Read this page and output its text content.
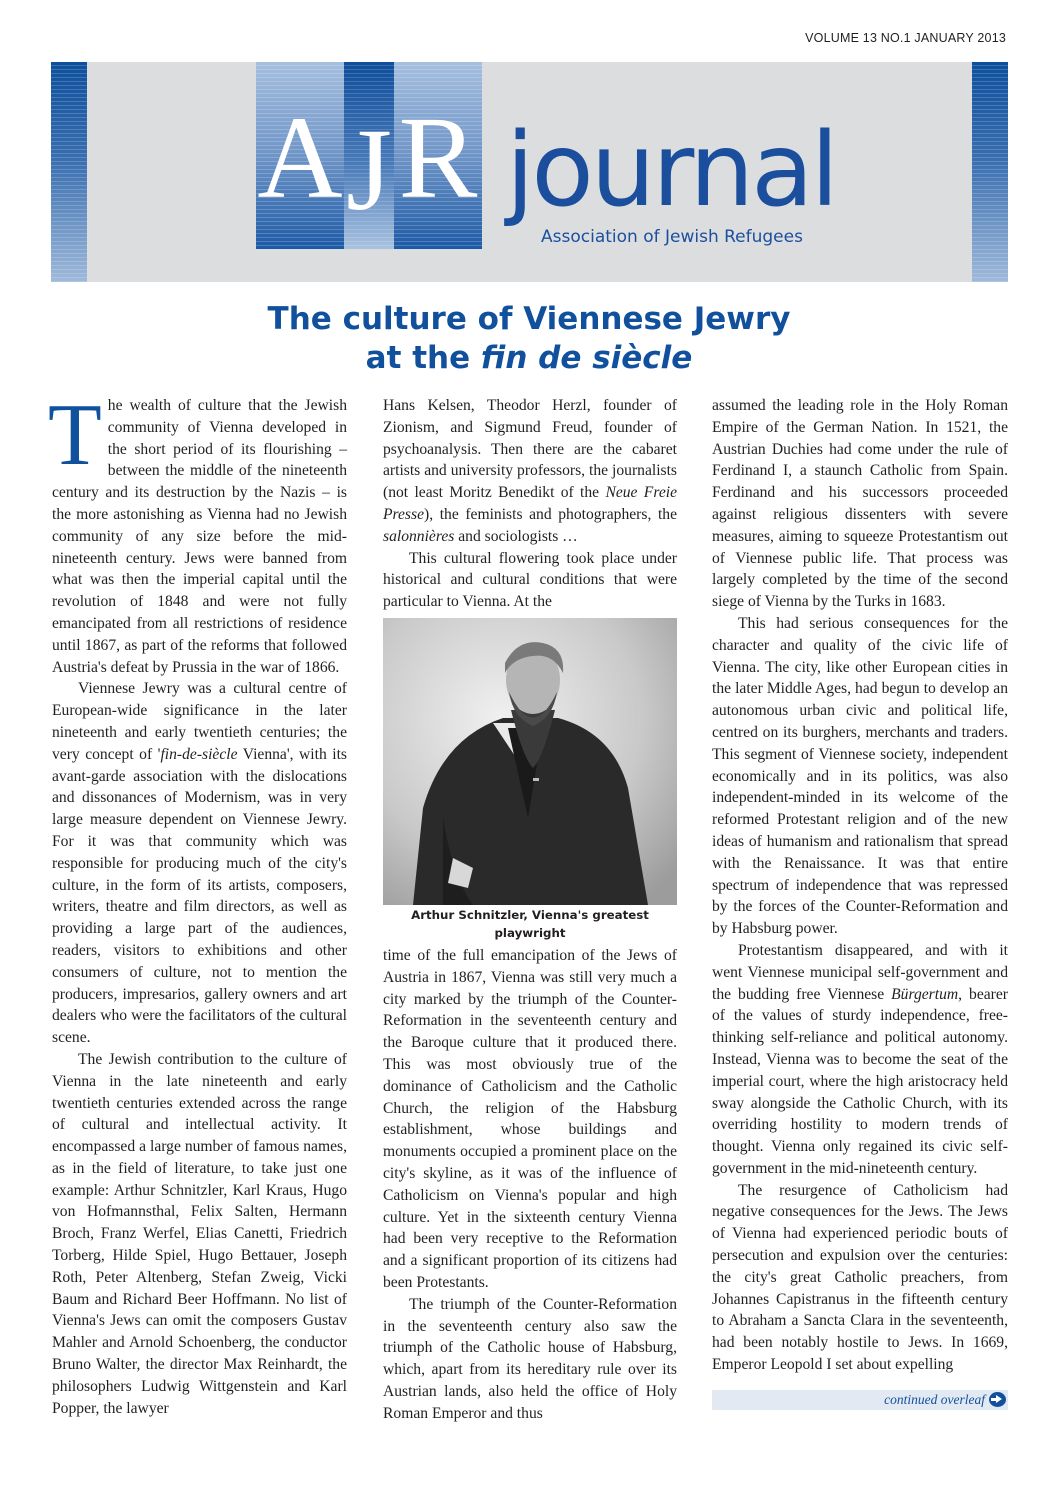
VOLUME 13 NO.1 JANUARY 2013
A J R journal
Association of Jewish Refugees
The culture of Viennese Jewry
at the fin de siècle

The wealth of culture that the Jewish community of Vienna developed in the short period of its flourishing – between the middle of the nineteenth century and its destruction by the Nazis – is the more astonishing as Vienna had no Jewish community of any size before the mid-nineteenth century. Jews were banned from what was then the imperial capital until the revolution of 1848 and were not fully emancipated from all restrictions of residence until 1867, as part of the reforms that followed Austria's defeat by Prussia in the war of 1866.

Viennese Jewry was a cultural centre of European-wide significance in the later nineteenth and early twentieth centuries; the very concept of 'fin-de-siècle Vienna', with its avant-garde association with the dislocations and dissonances of Modernism, was in very large measure dependent on Viennese Jewry. For it was that community which was responsible for producing much of the city's culture, in the form of its artists, composers, writers, theatre and film directors, as well as providing a large part of the audiences, readers, visitors to exhibitions and other consumers of culture, not to mention the producers, impresarios, gallery owners and art dealers who were the facilitators of the cultural scene.

The Jewish contribution to the culture of Vienna in the late nineteenth and early twentieth centuries extended across the range of cultural and intellectual activity. It encompassed a large number of famous names, as in the field of literature, to take just one example: Arthur Schnitzler, Karl Kraus, Hugo von Hofmannsthal, Felix Salten, Hermann Broch, Franz Werfel, Elias Canetti, Friedrich Torberg, Hilde Spiel, Hugo Bettauer, Joseph Roth, Peter Altenberg, Stefan Zweig, Vicki Baum and Richard Beer Hoffmann. No list of Vienna's Jews can omit the composers Gustav Mahler and Arnold Schoenberg, the conductor Bruno Walter, the director Max Reinhardt, the philosophers Ludwig Wittgenstein and Karl Popper, the lawyer

Hans Kelsen, Theodor Herzl, founder of Zionism, and Sigmund Freud, founder of psychoanalysis. Then there are the cabaret artists and university professors, the journalists (not least Moritz Benedikt of the Neue Freie Presse), the feminists and photographers, the salonnières and sociologists …

This cultural flowering took place under historical and cultural conditions that were particular to Vienna. At the

Arthur Schnitzler, Vienna's greatest playwright

time of the full emancipation of the Jews of Austria in 1867, Vienna was still very much a city marked by the triumph of the Counter-Reformation in the seventeenth century and the Baroque culture that it produced there. This was most obviously true of the dominance of Catholicism and the Catholic Church, the religion of the Habsburg establishment, whose buildings and monuments occupied a prominent place on the city's skyline, as it was of the influence of Catholicism on Vienna's popular and high culture. Yet in the sixteenth century Vienna had been very receptive to the Reformation and a significant proportion of its citizens had been Protestants.

The triumph of the Counter-Reformation in the seventeenth century also saw the triumph of the Catholic house of Habsburg, which, apart from its hereditary rule over its Austrian lands, also held the office of Holy Roman Emperor and thus

assumed the leading role in the Holy Roman Empire of the German Nation. In 1521, the Austrian Duchies had come under the rule of Ferdinand I, a staunch Catholic from Spain. Ferdinand and his successors proceeded against religious dissenters with severe measures, aiming to squeeze Protestantism out of Viennese public life. That process was largely completed by the time of the second siege of Vienna by the Turks in 1683.

This had serious consequences for the character and quality of the civic life of Vienna. The city, like other European cities in the later Middle Ages, had begun to develop an autonomous urban civic and political life, centred on its burghers, merchants and traders. This segment of Viennese society, independent economically and in its politics, was also independent-minded in its welcome of the reformed Protestant religion and of the new ideas of humanism and rationalism that spread with the Renaissance. It was that entire spectrum of independence that was repressed by the forces of the Counter-Reformation and by Habsburg power.

Protestantism disappeared, and with it went Viennese municipal self-government and the budding free Viennese Bürgertum, bearer of the values of sturdy independence, free-thinking self-reliance and political autonomy. Instead, Vienna was to become the seat of the imperial court, where the high aristocracy held sway alongside the Catholic Church, with its overriding hostility to modern trends of thought. Vienna only regained its civic self-government in the mid-nineteenth century.

The resurgence of Catholicism had negative consequences for the Jews. The Jews of Vienna had experienced periodic bouts of persecution and expulsion over the centuries: the city's great Catholic preachers, from Johannes Capistranus in the fifteenth century to Abraham a Sancta Clara in the seventeenth, had been notably hostile to Jews. In 1669, Emperor Leopold I set about expelling

continued overleaf
